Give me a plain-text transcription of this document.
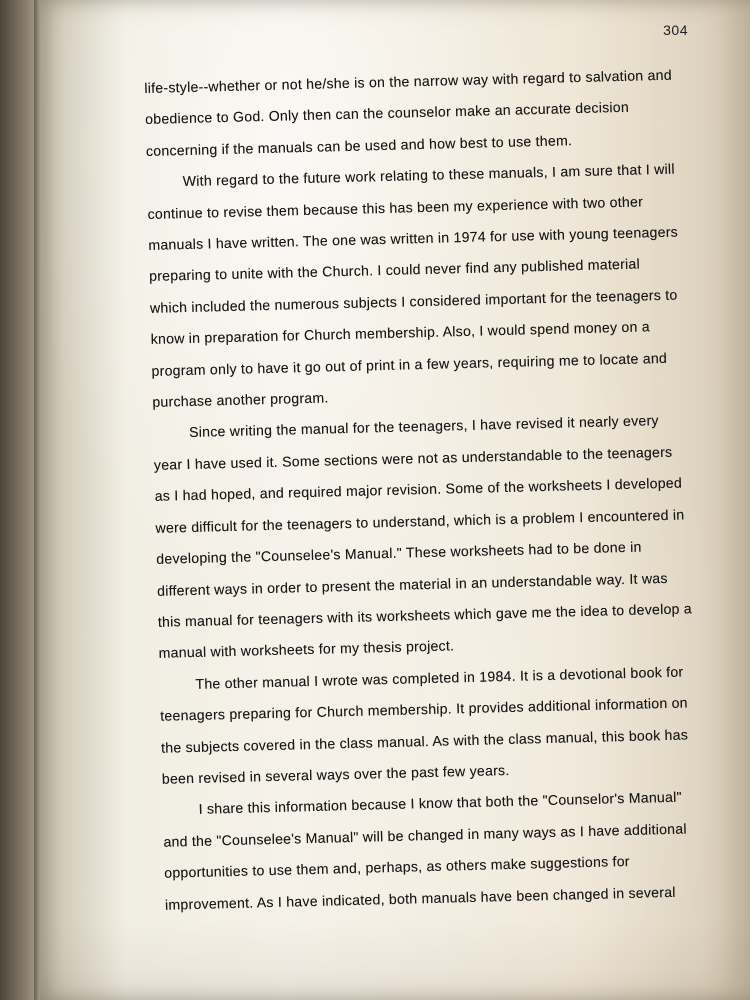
304

life-style--whether or not he/she is on the narrow way with regard to salvation and
obedience to God. Only then can the counselor make an accurate decision
concerning if the manuals can be used and how best to use them.

With regard to the future work relating to these manuals, I am sure that I will
continue to revise them because this has been my experience with two other
manuals I have written. The one was written in 1974 for use with young teenagers
preparing to unite with the Church. I could never find any published material
which included the numerous subjects I considered important for the teenagers to
know in preparation for Church membership. Also, I would spend money on a
program only to have it go out of print in a few years, requiring me to locate and
purchase another program.

Since writing the manual for the teenagers, I have revised it nearly every
year I have used it. Some sections were not as understandable to the teenagers
as I had hoped, and required major revision. Some of the worksheets I developed
were difficult for the teenagers to understand, which is a problem I encountered in
developing the "Counselee's Manual." These worksheets had to be done in
different ways in order to present the material in an understandable way. It was
this manual for teenagers with its worksheets which gave me the idea to develop a
manual with worksheets for my thesis project.

The other manual I wrote was completed in 1984. It is a devotional book for
teenagers preparing for Church membership. It provides additional information on
the subjects covered in the class manual. As with the class manual, this book has
been revised in several ways over the past few years.

I share this information because I know that both the "Counselor's Manual"
and the "Counselee's Manual" will be changed in many ways as I have additional
opportunities to use them and, perhaps, as others make suggestions for
improvement. As I have indicated, both manuals have been changed in several
